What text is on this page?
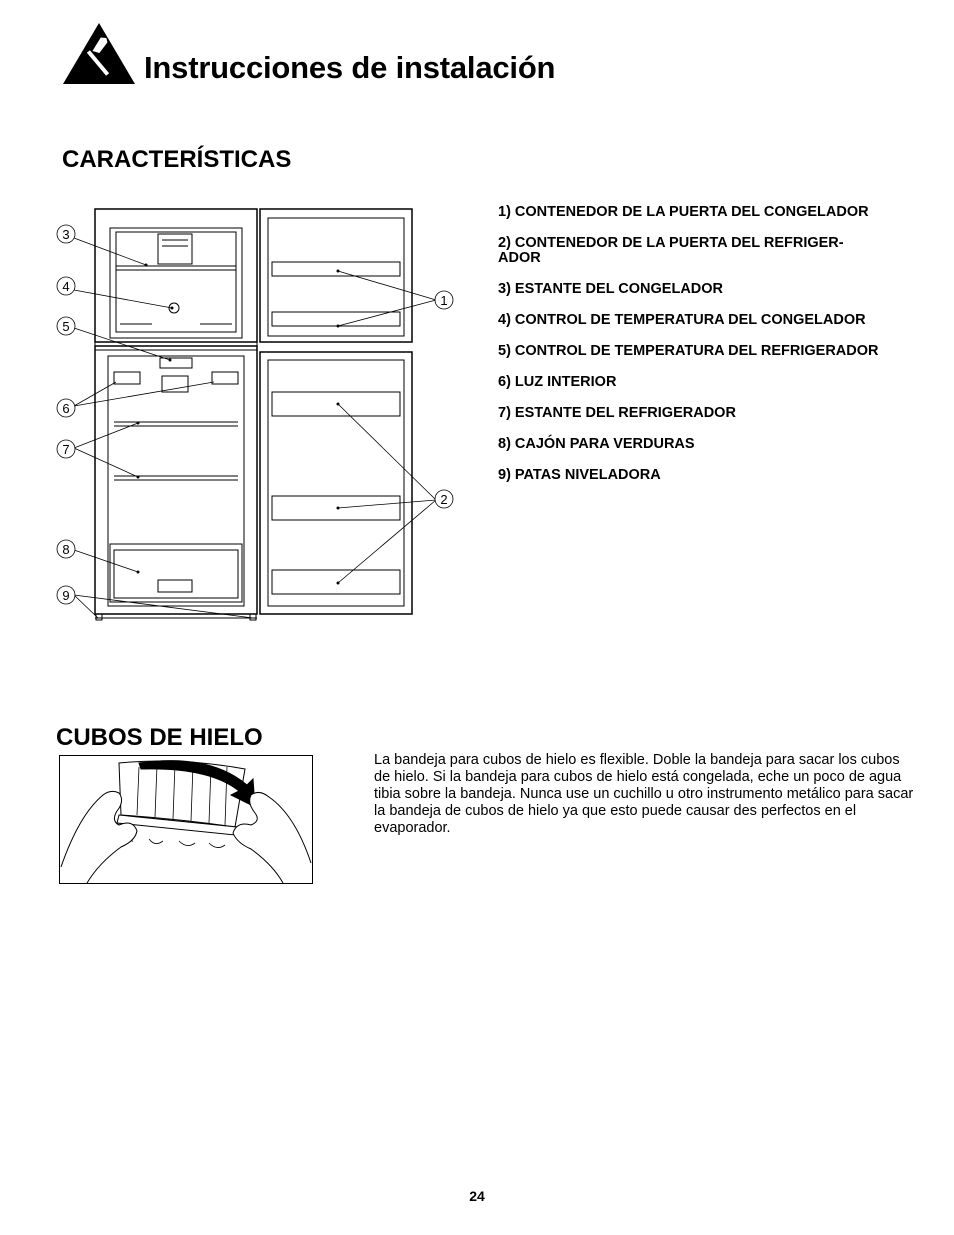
Instrucciones de instalación
CARACTERÍSTICAS
3
4
5
6
7
8
9
1
2
1) CONTENEDOR DE LA PUERTA DEL CONGELADOR
2) CONTENEDOR DE LA PUERTA DEL REFRIGER-
ADOR
3) ESTANTE DEL CONGELADOR
4) CONTROL DE TEMPERATURA DEL CONGELADOR
5) CONTROL DE TEMPERATURA DEL REFRIGERADOR
6) LUZ INTERIOR
7) ESTANTE DEL REFRIGERADOR
8) CAJÓN PARA VERDURAS
9) PATAS NIVELADORA
CUBOS DE HIELO
La bandeja para cubos de hielo es flexible. Doble la bandeja para sacar los cubos de hielo. Si la bandeja para cubos de hielo está congelada, eche un poco de agua tibia sobre la bandeja. Nunca use un cuchillo u otro instrumento metálico para sacar la bandeja de cubos de hielo ya que esto puede causar des perfectos en el evaporador.
24
